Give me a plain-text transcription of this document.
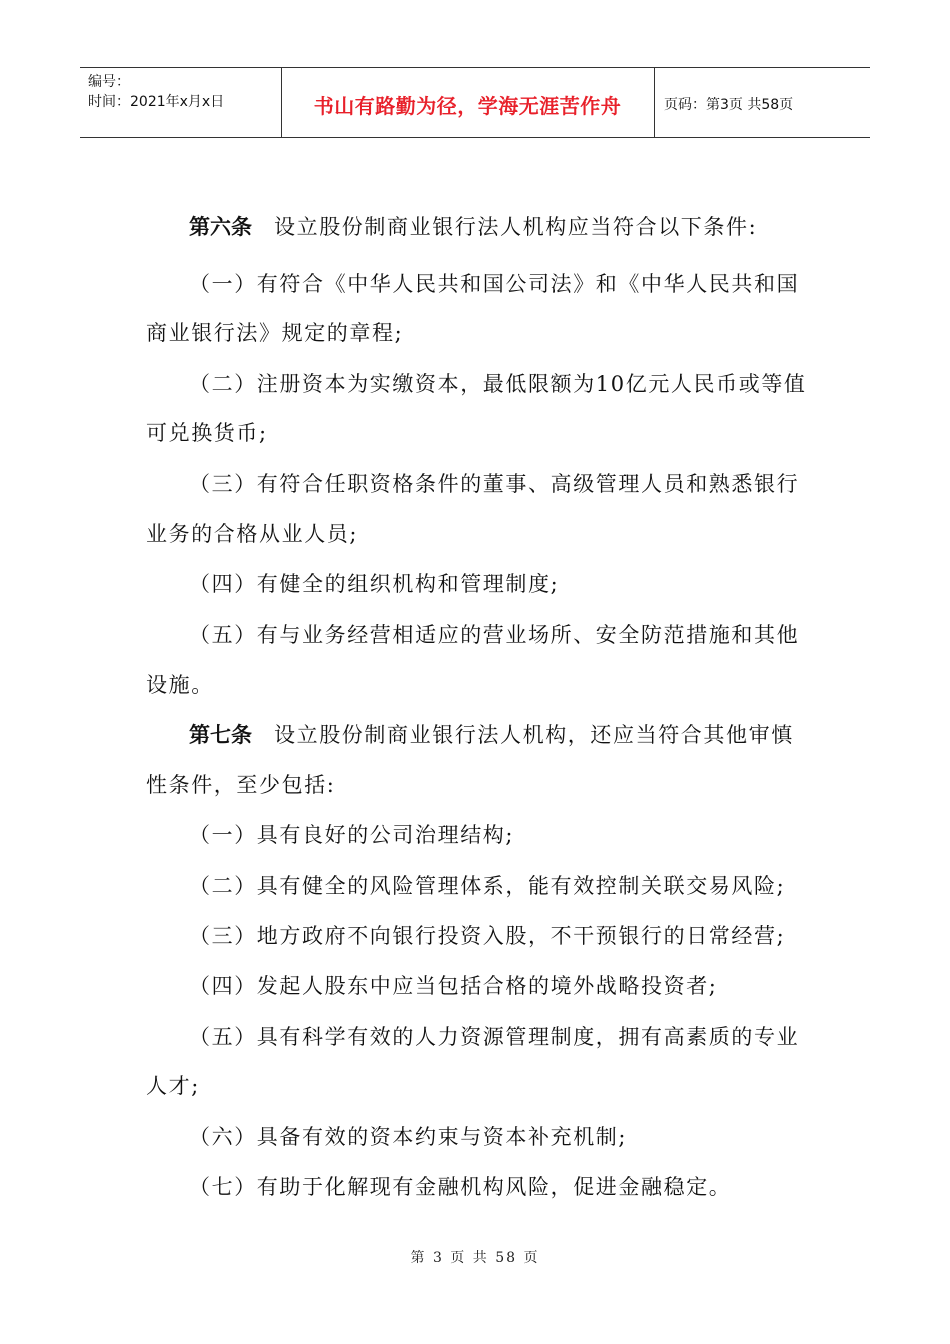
编号：
时间：2021年x月x日	书山有路勤为径，学海无涯苦作舟	页码：第3页 共58页
第六条 设立股份制商业银行法人机构应当符合以下条件:
（一）有符合《中华人民共和国公司法》和《中华人民共和国
商业银行法》规定的章程;
（二）注册资本为实缴资本，最低限额为10亿元人民币或等值
可兑换货币;
（三）有符合任职资格条件的董事、高级管理人员和熟悉银行
业务的合格从业人员;
（四）有健全的组织机构和管理制度;
（五）有与业务经营相适应的营业场所、安全防范措施和其他
设施。
第七条 设立股份制商业银行法人机构，还应当符合其他审慎
性条件，至少包括:
（一）具有良好的公司治理结构;
（二）具有健全的风险管理体系，能有效控制关联交易风险;
（三）地方政府不向银行投资入股，不干预银行的日常经营;
（四）发起人股东中应当包括合格的境外战略投资者;
（五）具有科学有效的人力资源管理制度，拥有高素质的专业
人才;
（六）具备有效的资本约束与资本补充机制;
（七）有助于化解现有金融机构风险，促进金融稳定。
第 3 页 共 58 页
